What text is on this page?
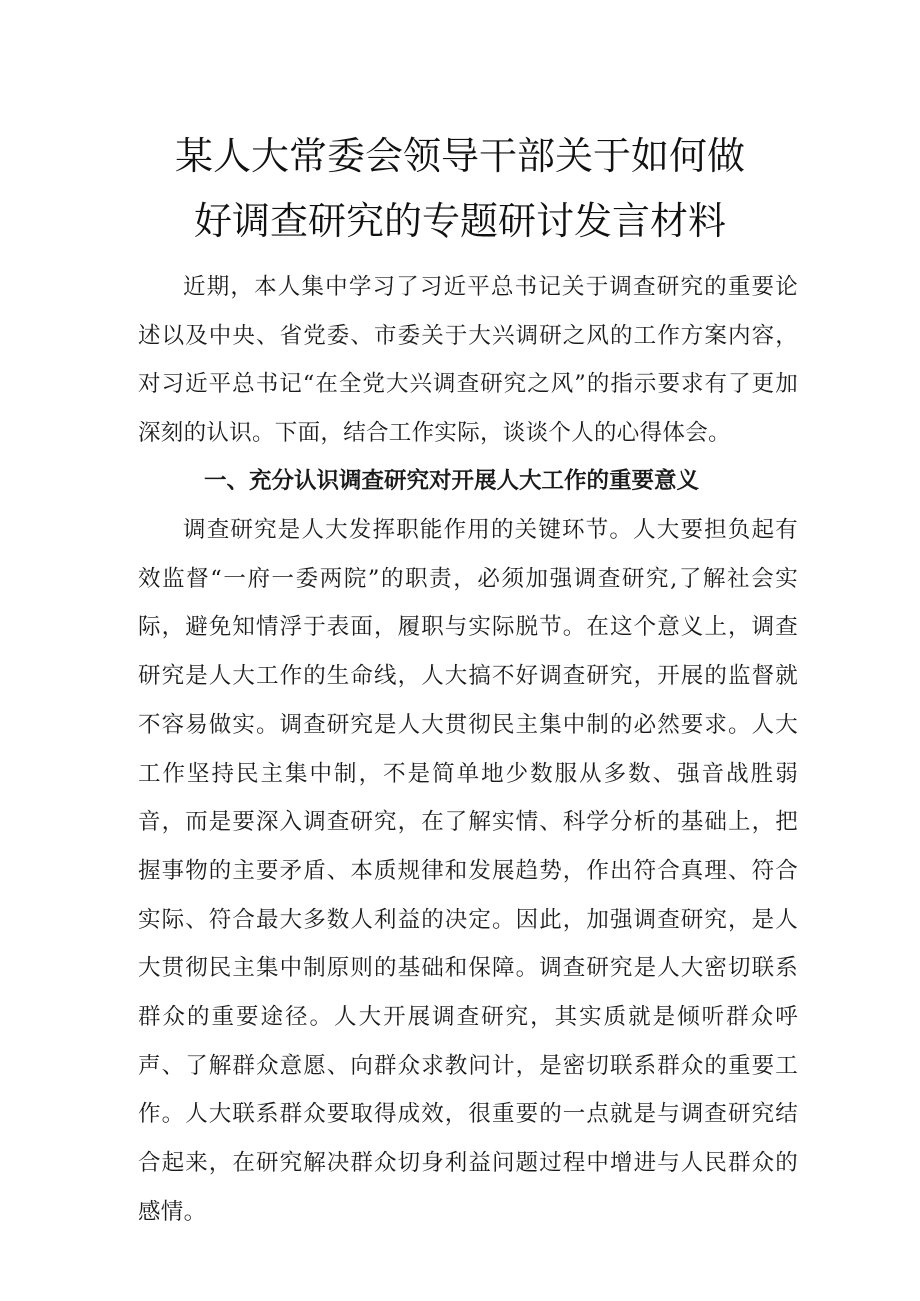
某人大常委会领导干部关于如何做
好调查研究的专题研讨发言材料

近期，本人集中学习了习近平总书记关于调查研究的重要论述以及中央、省党委、市委关于大兴调研之风的工作方案内容，对习近平总书记“在全党大兴调查研究之风”的指示要求有了更加深刻的认识。下面，结合工作实际，谈谈个人的心得体会。

一、充分认识调查研究对开展人大工作的重要意义

调查研究是人大发挥职能作用的关键环节。人大要担负起有效监督“一府一委两院”的职责，必须加强调查研究,了解社会实际，避免知情浮于表面，履职与实际脱节。在这个意义上，调查研究是人大工作的生命线，人大搞不好调查研究，开展的监督就不容易做实。调查研究是人大贯彻民主集中制的必然要求。人大工作坚持民主集中制，不是简单地少数服从多数、强音战胜弱音，而是要深入调查研究，在了解实情、科学分析的基础上，把握事物的主要矛盾、本质规律和发展趋势，作出符合真理、符合实际、符合最大多数人利益的决定。因此，加强调查研究，是人大贯彻民主集中制原则的基础和保障。调查研究是人大密切联系群众的重要途径。人大开展调查研究，其实质就是倾听群众呼声、了解群众意愿、向群众求教问计，是密切联系群众的重要工作。人大联系群众要取得成效，很重要的一点就是与调查研究结合起来，在研究解决群众切身利益问题过程中增进与人民群众的感情。
